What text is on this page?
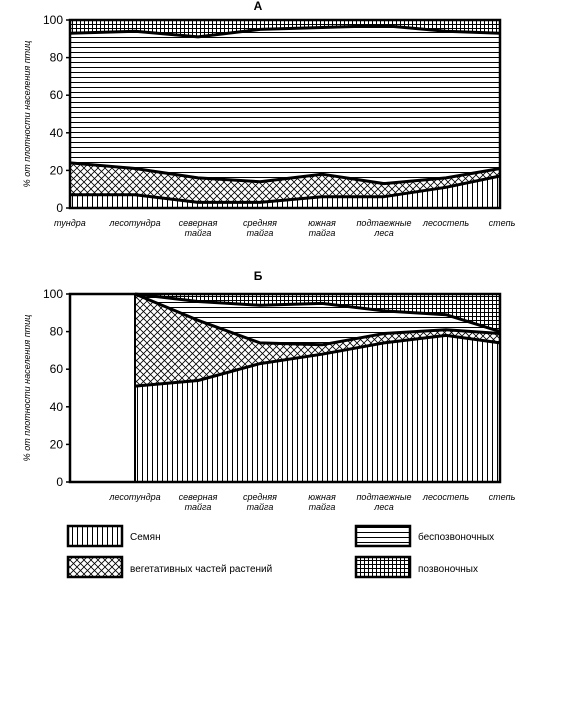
А
0
20
40
60
80
100
% от плотности населения птиц
тундра	лесотундра северная
тайга
средняя
тайга
южная
тайга
подтаежные
леса
лесостепь степь
Б
0
20
40
60
80
100
% от плотности населения птиц
лесотундра северная
тайга
средняя
тайга
южная
тайга
подтаежные
леса
лесостепь степь
Семян	беспозвоночных
вегетативных частей растений	позвоночных
